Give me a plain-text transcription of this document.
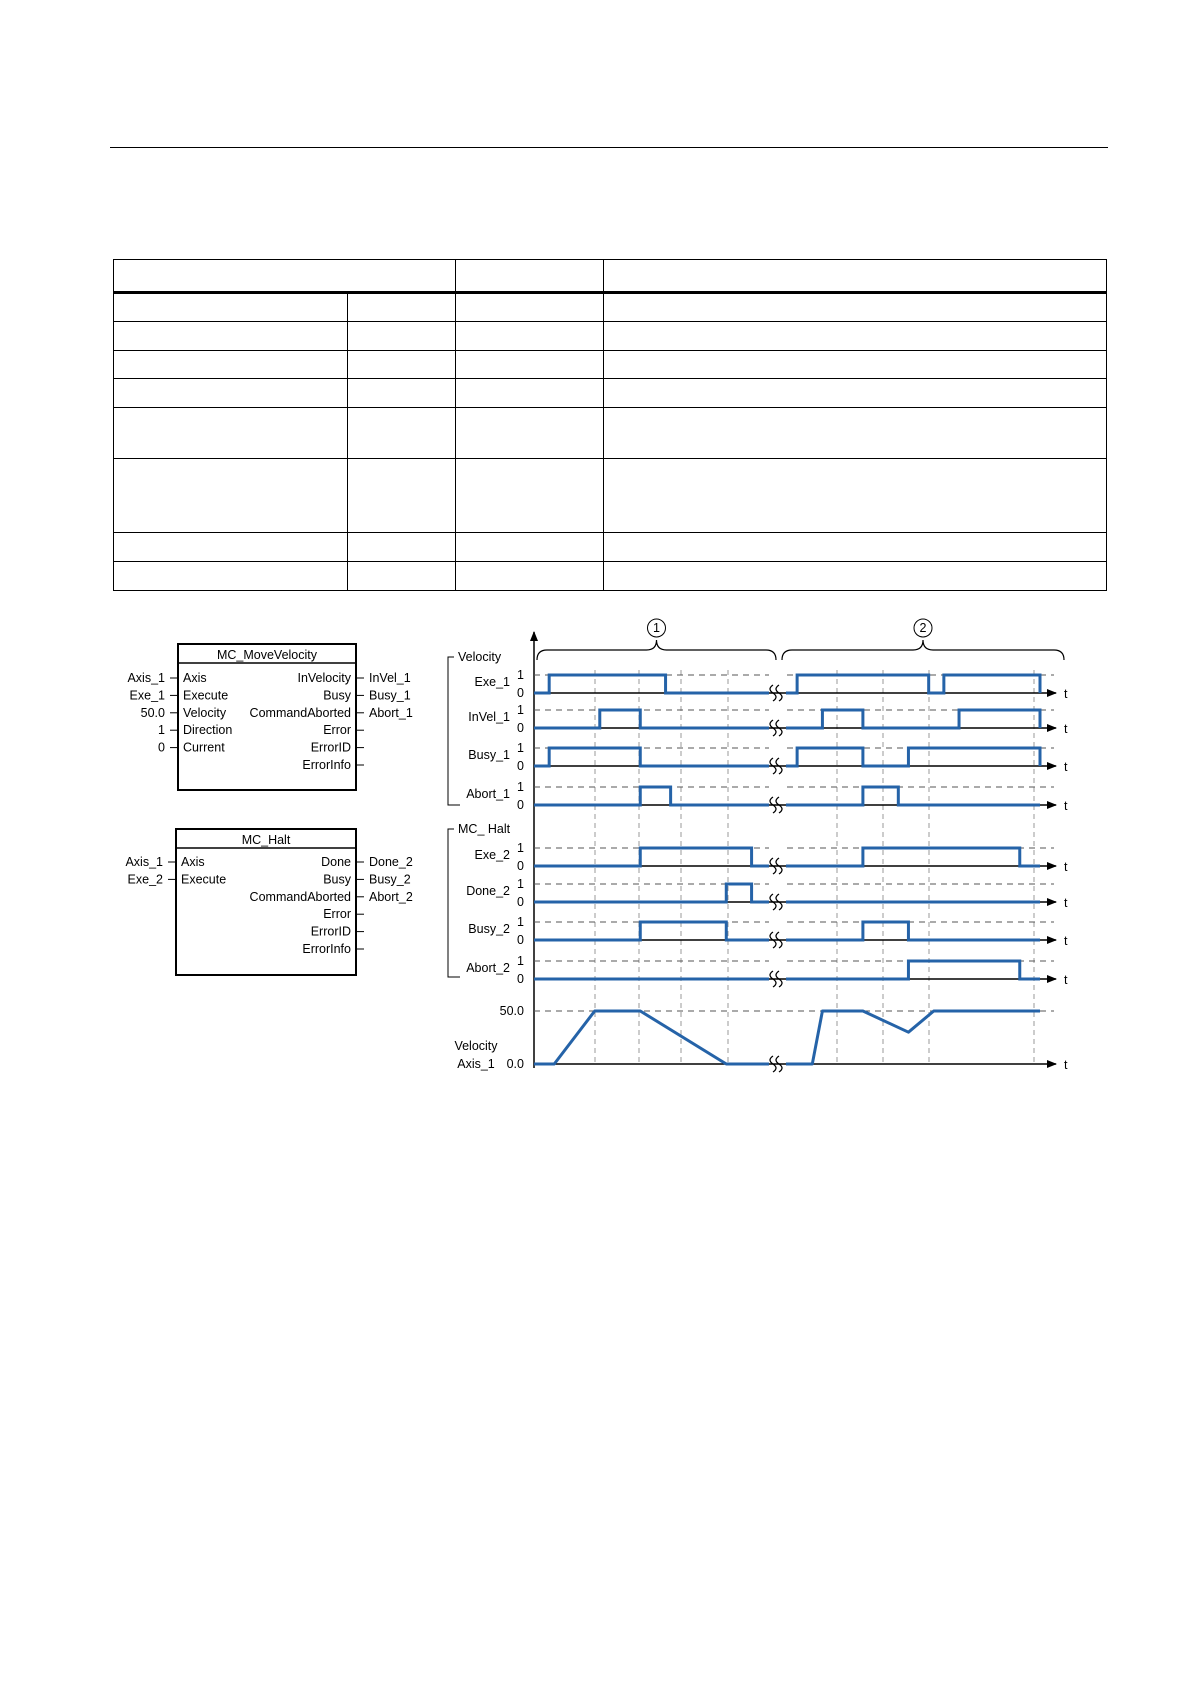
MC_MoveVelocity
Axis
Axis_1
Execute
Exe_1
Velocity
50.0
Direction
1
Current
0
InVelocity InVel_1
Busy Busy_1
CommandAborted Abort_1
Error
ErrorID
ErrorInfo
MC_Halt
Axis
Axis_1
Execute
Exe_2
Done Done_2
Busy Busy_2
CommandAborted Abort_2
Error
ErrorID
ErrorInfo
1	2
Velocity
MC_ Halt
t
1
0
Exe_1
t
1
0
InVel_1
t
1
0
Busy_1
t
1
0
Abort_1
t
1
0
Exe_2
t
1
0
Done_2
t
1
0
Busy_2
t
1
0
Abort_2
t
50.0
0.0
Velocity
Axis_1
